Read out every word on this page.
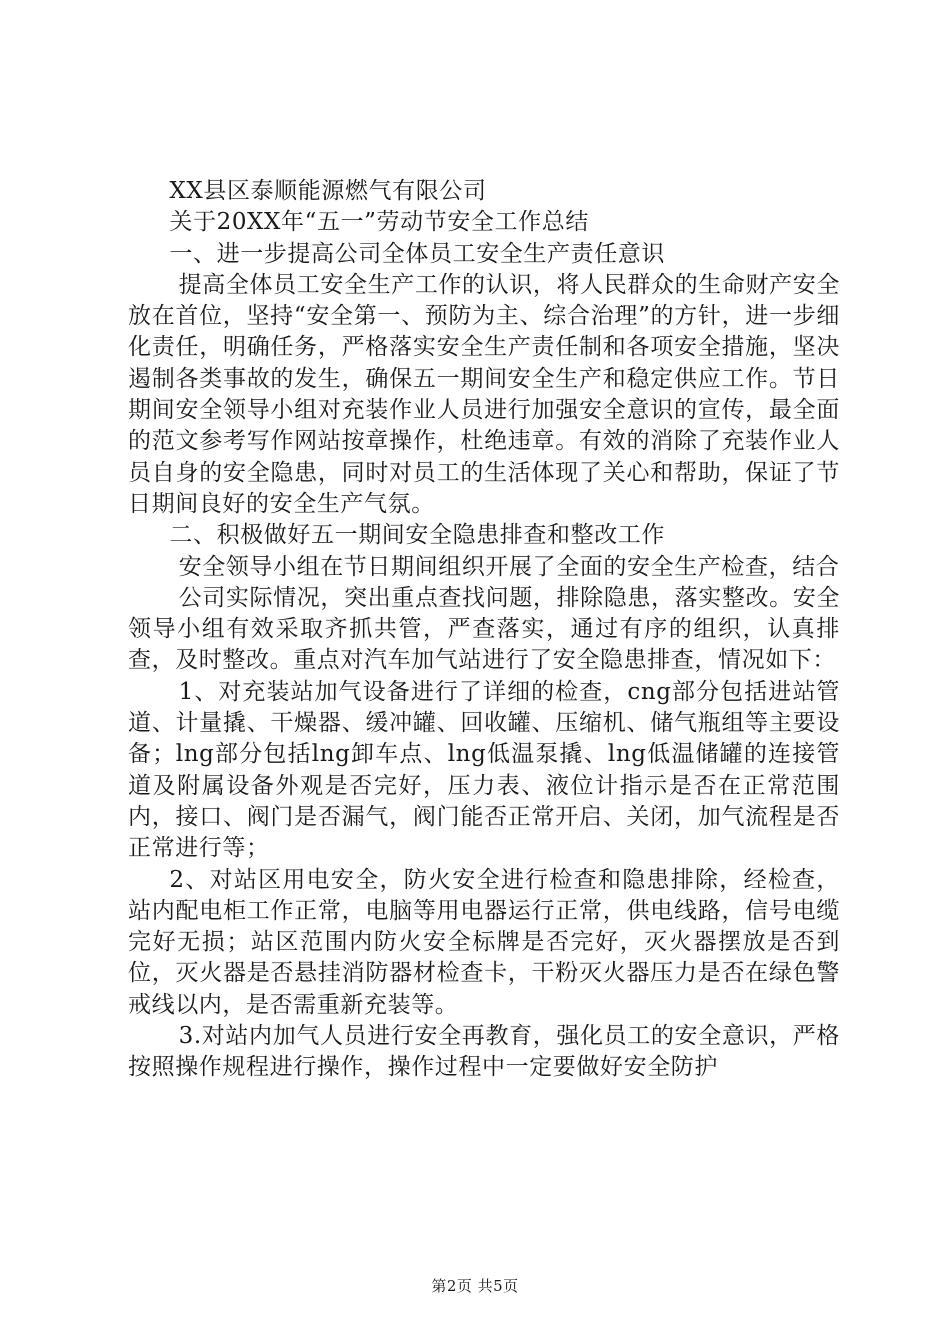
XX县区泰顺能源燃气有限公司

关于20XX年“五一”劳动节安全工作总结

一、进一步提高公司全体员工安全生产责任意识

提高全体员工安全生产工作的认识，将人民群众的生命财产安全放在首位，坚持“安全第一、预防为主、综合治理”的方针，进一步细化责任，明确任务，严格落实安全生产责任制和各项安全措施，坚决遏制各类事故的发生，确保五一期间安全生产和稳定供应工作。节日期间安全领导小组对充装作业人员进行加强安全意识的宣传，最全面的范文参考写作网站按章操作，杜绝违章。有效的消除了充装作业人员自身的安全隐患，同时对员工的生活体现了关心和帮助，保证了节日期间良好的安全生产气氛。

二、积极做好五一期间安全隐患排查和整改工作

安全领导小组在节日期间组织开展了全面的安全生产检查，结合

公司实际情况，突出重点查找问题，排除隐患，落实整改。安全领导小组有效采取齐抓共管，严查落实，通过有序的组织，认真排查，及时整改。重点对汽车加气站进行了安全隐患排查，情况如下：

1、对充装站加气设备进行了详细的检查，cng部分包括进站管道、计量撬、干燥器、缓冲罐、回收罐、压缩机、储气瓶组等主要设备；lng部分包括lng卸车点、lng低温泵撬、lng低温储罐的连接管道及附属设备外观是否完好，压力表、液位计指示是否在正常范围内，接口、阀门是否漏气，阀门能否正常开启、关闭，加气流程是否正常进行等；

2、对站区用电安全，防火安全进行检查和隐患排除，经检查，站内配电柜工作正常，电脑等用电器运行正常，供电线路，信号电缆完好无损；站区范围内防火安全标牌是否完好，灭火器摆放是否到位，灭火器是否悬挂消防器材检查卡，干粉灭火器压力是否在绿色警戒线以内，是否需重新充装等。

3.对站内加气人员进行安全再教育，强化员工的安全意识，严格按照操作规程进行操作，操作过程中一定要做好安全防护

第2页 共5页
